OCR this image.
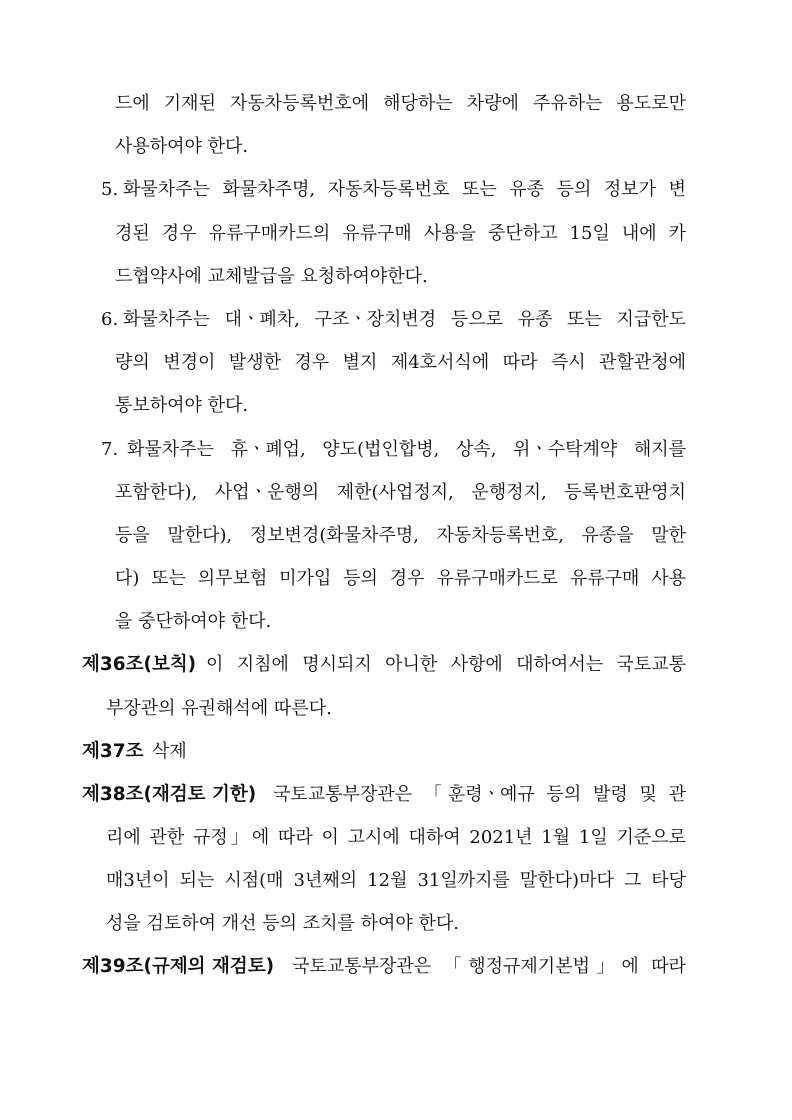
드에 기재된 자동차등록번호에 해당하는 차량에 주유하는 용도로만
사용하여야 한다.
5. 화물차주는 화물차주명, 자동차등록번호 또는 유종 등의 정보가 변
경된 경우 유류구매카드의 유류구매 사용을 중단하고 15일 내에 카
드협약사에 교체발급을 요청하여야한다.
6. 화물차주는 대ㆍ폐차, 구조ㆍ장치변경 등으로 유종 또는 지급한도
량의 변경이 발생한 경우 별지 제4호서식에 따라 즉시 관할관청에
통보하여야 한다.
7. 화물차주는 휴ㆍ폐업, 양도(법인합병, 상속, 위ㆍ수탁계약 해지를
포함한다), 사업ㆍ운행의 제한(사업정지, 운행정지, 등록번호판영치
등을 말한다), 정보변경(화물차주명, 자동차등록번호, 유종을 말한
다) 또는 의무보험 미가입 등의 경우 유류구매카드로 유류구매 사용
을 중단하여야 한다.
제36조(보칙) 이 지침에 명시되지 아니한 사항에 대하여서는 국토교통
부장관의 유권해석에 따른다.
제37조 삭제
제38조(재검토 기한) 국토교통부장관은 「훈령ㆍ예규 등의 발령 및 관
리에 관한 규정」에 따라 이 고시에 대하여 2021년 1월 1일 기준으로
매3년이 되는 시점(매 3년째의 12월 31일까지를 말한다)마다 그 타당
성을 검토하여 개선 등의 조치를 하여야 한다.
제39조(규제의 재검토) 국토교통부장관은 「행정규제기본법」에 따라
